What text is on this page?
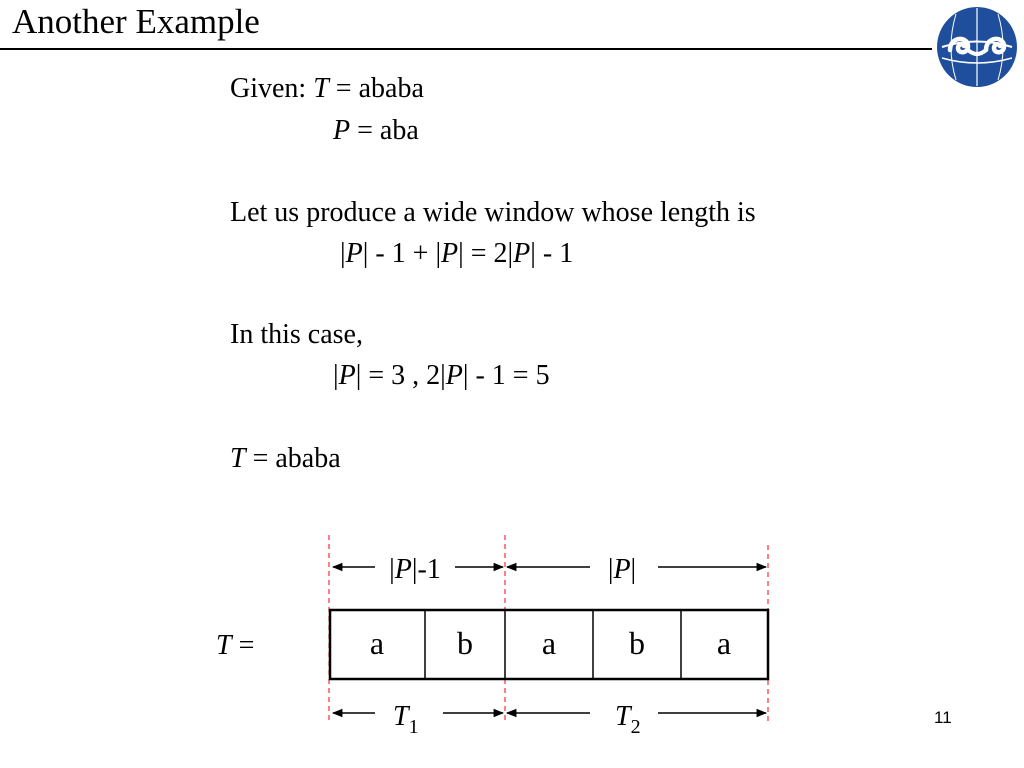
Another Example
Given: T = ababa
P = aba
Let us produce a wide window whose length is
|P| - 1 + |P| = 2|P| - 1
In this case,
|P| = 3 , 2|P| - 1 = 5
T = ababa
|P|-1	|P|
a b a b a
T =
$T_1$	$T_2$	11
